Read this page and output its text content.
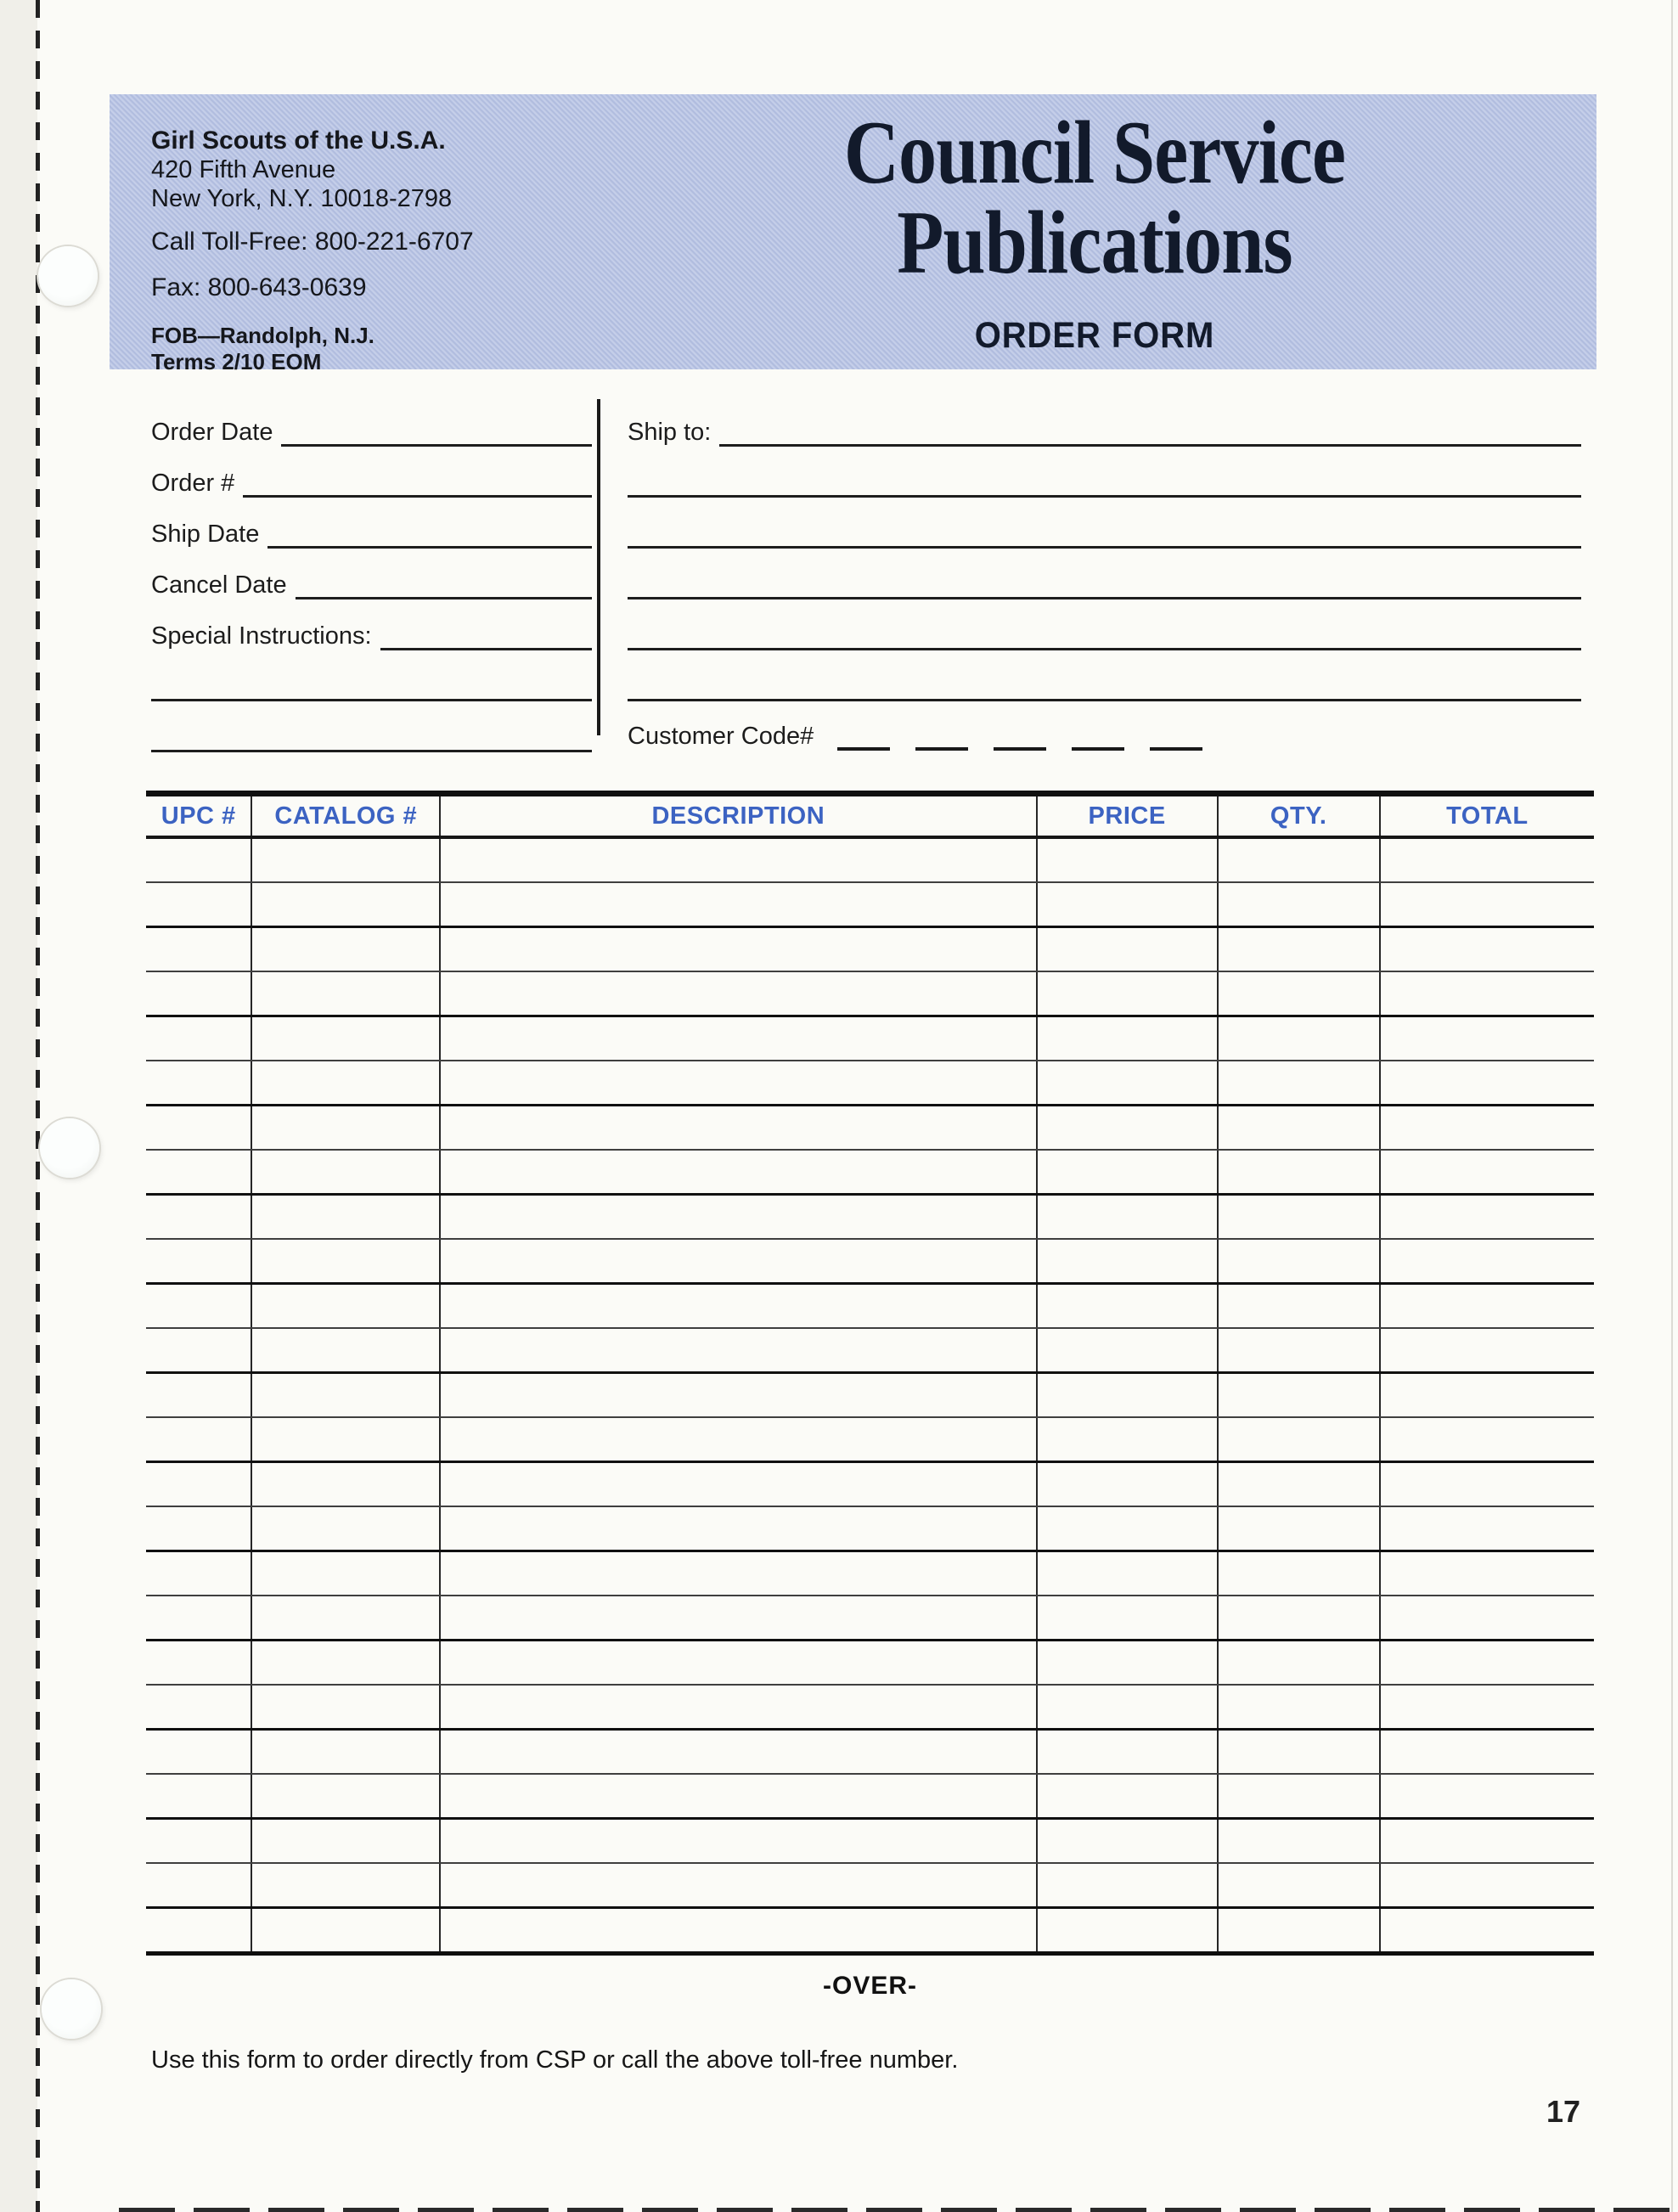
Girl Scouts of the U.S.A.
420 Fifth Avenue
New York, N.Y. 10018-2798
Call Toll-Free: 800-221-6707
Fax: 800-643-0639
FOB—Randolph, N.J.
Terms 2/10 EOM
Council Service
Publications
ORDER FORM
Order Date
Order #
Ship Date
Cancel Date
Special Instructions:
Ship to:
Customer Code#
UPC #	CATALOG #	DESCRIPTION	PRICE	QTY.	TOTAL

-OVER-
Use this form to order directly from CSP or call the above toll-free number.
17
